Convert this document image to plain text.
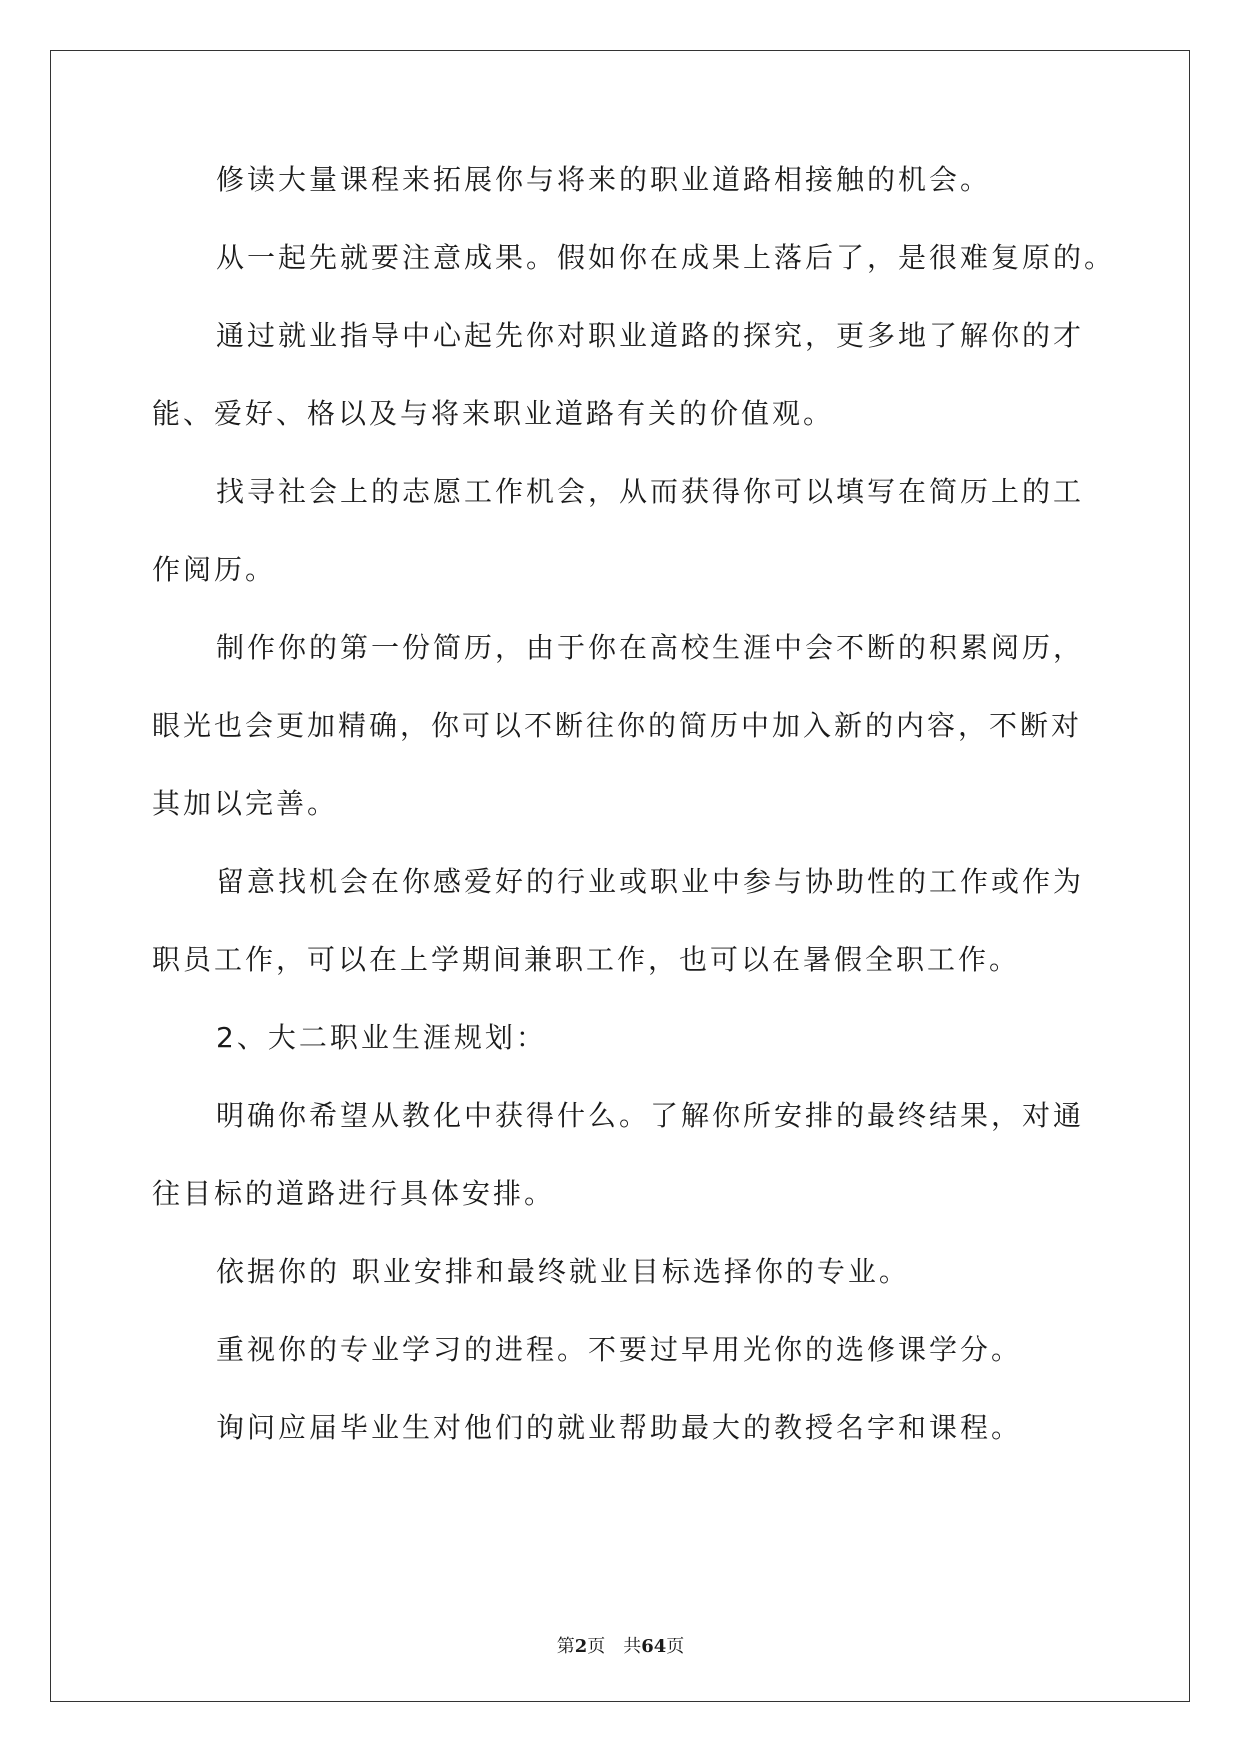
修读大量课程来拓展你与将来的职业道路相接触的机会。
从一起先就要注意成果。假如你在成果上落后了，是很难复原的。
通过就业指导中心起先你对职业道路的探究，更多地了解你的才
能、爱好、格以及与将来职业道路有关的价值观。
找寻社会上的志愿工作机会，从而获得你可以填写在简历上的工
作阅历。
制作你的第一份简历，由于你在高校生涯中会不断的积累阅历，
眼光也会更加精确，你可以不断往你的简历中加入新的内容，不断对
其加以完善。
留意找机会在你感爱好的行业或职业中参与协助性的工作或作为
职员工作，可以在上学期间兼职工作，也可以在暑假全职工作。
2、大二职业生涯规划：
明确你希望从教化中获得什么。了解你所安排的最终结果，对通
往目标的道路进行具体安排。
依据你的 职业安排和最终就业目标选择你的专业。
重视你的专业学习的进程。不要过早用光你的选修课学分。
询问应届毕业生对他们的就业帮助最大的教授名字和课程。
第2页　共64页
